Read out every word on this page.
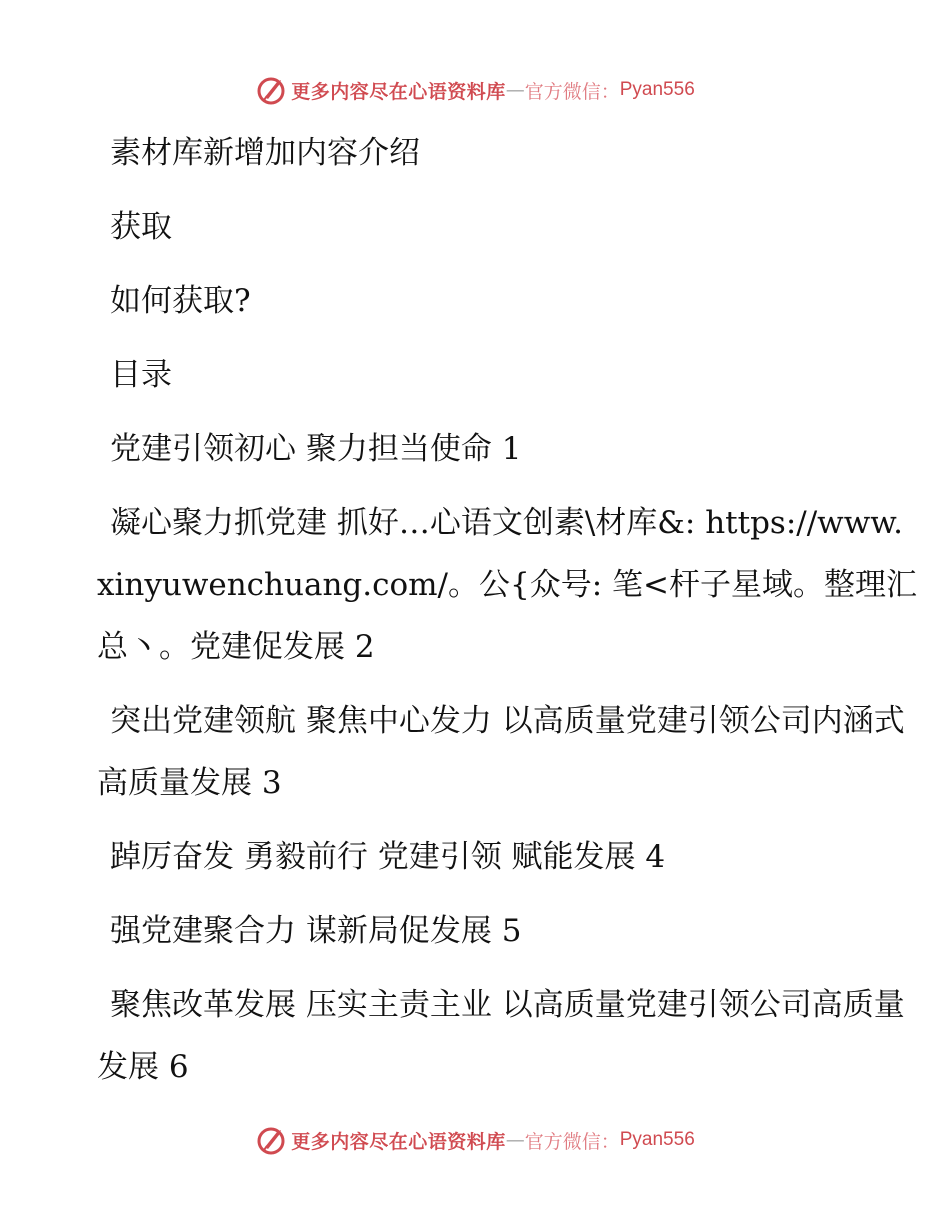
更多内容尽在心语资料库 — 官方微信： Pyan556

素材库新增加内容介绍

获取

如何获取?

目录

党建引领初心 聚力担当使命 1

凝心聚力抓党建 抓好…心语文创素\材库&: https://www.xinyuwenchuang.com/。公{众号: 笔<杆子星域。整理汇总丶。党建促发展 2

突出党建领航 聚焦中心发力 以高质量党建引领公司内涵式高质量发展 3

踔厉奋发 勇毅前行 党建引领 赋能发展 4

强党建聚合力 谋新局促发展 5

聚焦改革发展 压实主责主业 以高质量党建引领公司高质量发展 6

更多内容尽在心语资料库 — 官方微信： Pyan556
